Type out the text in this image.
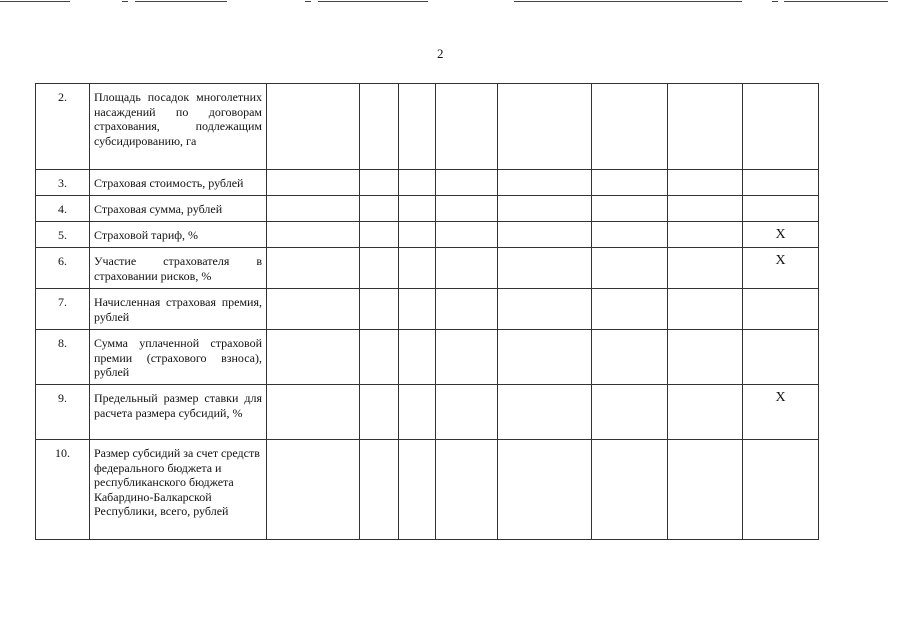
2
2.	Площадь посадок многолетних насаждений по договорам страхования, подлежащим субсидированию, га								
3.	Страховая стоимость, рублей								
4.	Страховая сумма, рублей								
5.	Страховой тариф, %								X
6.	Участие страхователя в страховании рисков, %								X
7.	Начисленная страховая премия, рублей								
8.	Сумма уплаченной страховой премии (страхового взноса), рублей								
9.	Предельный размер ставки для расчета размера субсидий, %								X
10.	Размер субсидий за счет средств федерального бюджета и республиканского бюджета Кабардино-Балкарской Республики, всего, рублей								
